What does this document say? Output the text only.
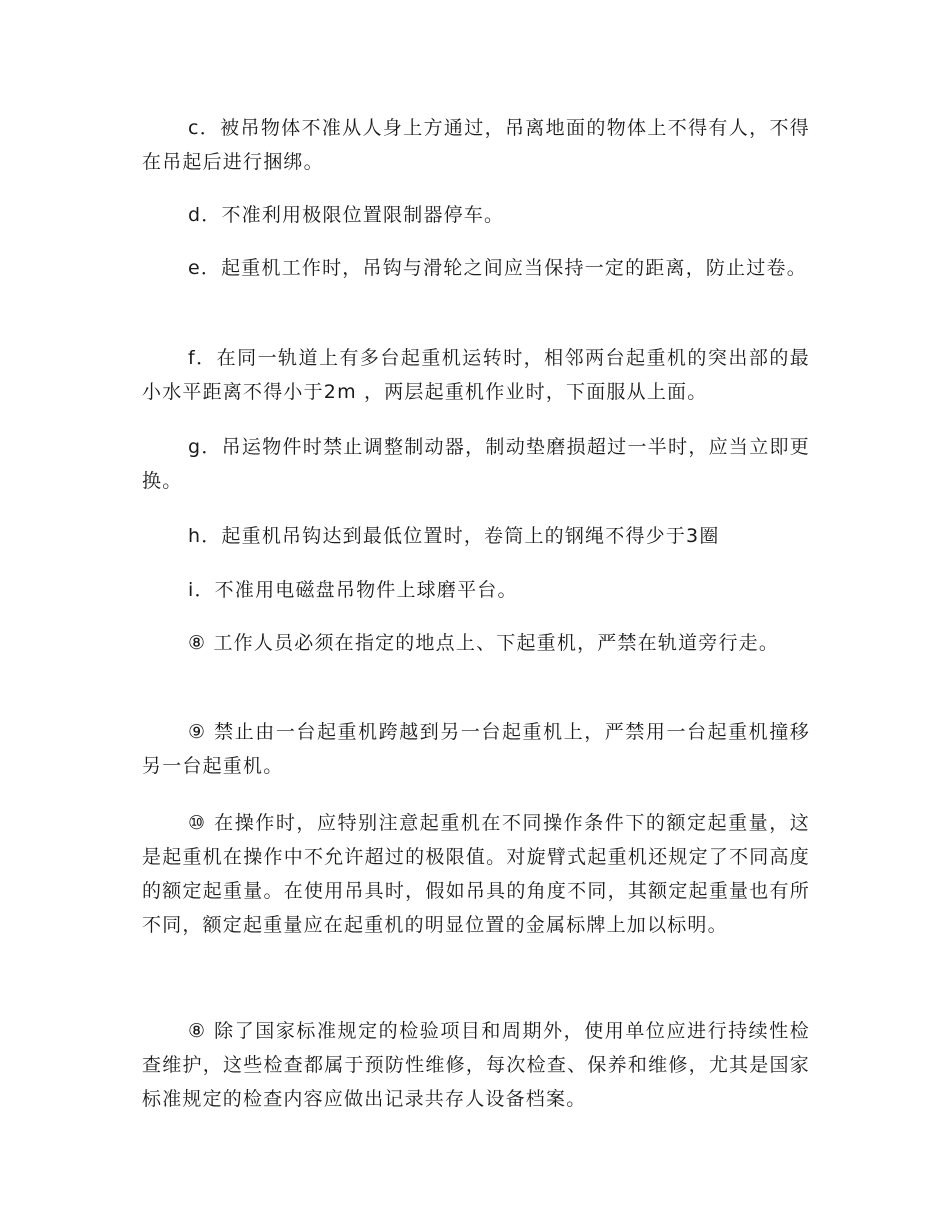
c．被吊物体不准从人身上方通过，吊离地面的物体上不得有人，不得在吊起后进行捆绑。

d．不准利用极限位置限制器停车。

e．起重机工作时，吊钩与滑轮之间应当保持一定的距离，防止过卷。

f．在同一轨道上有多台起重机运转时，相邻两台起重机的突出部的最小水平距离不得小于2m ，两层起重机作业时，下面服从上面。

g．吊运物件时禁止调整制动器，制动垫磨损超过一半时，应当立即更换。

h．起重机吊钩达到最低位置时，卷筒上的钢绳不得少于3圈

i．不准用电磁盘吊物件上球磨平台。

⑧ 工作人员必须在指定的地点上、下起重机，严禁在轨道旁行走。

⑨ 禁止由一台起重机跨越到另一台起重机上，严禁用一台起重机撞移另一台起重机。

⑩ 在操作时，应特别注意起重机在不同操作条件下的额定起重量，这是起重机在操作中不允许超过的极限值。对旋臂式起重机还规定了不同高度的额定起重量。在使用吊具时，假如吊具的角度不同，其额定起重量也有所不同，额定起重量应在起重机的明显位置的金属标牌上加以标明。

⑧ 除了国家标准规定的检验项目和周期外，使用单位应进行持续性检查维护，这些检查都属于预防性维修，每次检查、保养和维修，尤其是国家标准规定的检查内容应做出记录共存人设备档案。
